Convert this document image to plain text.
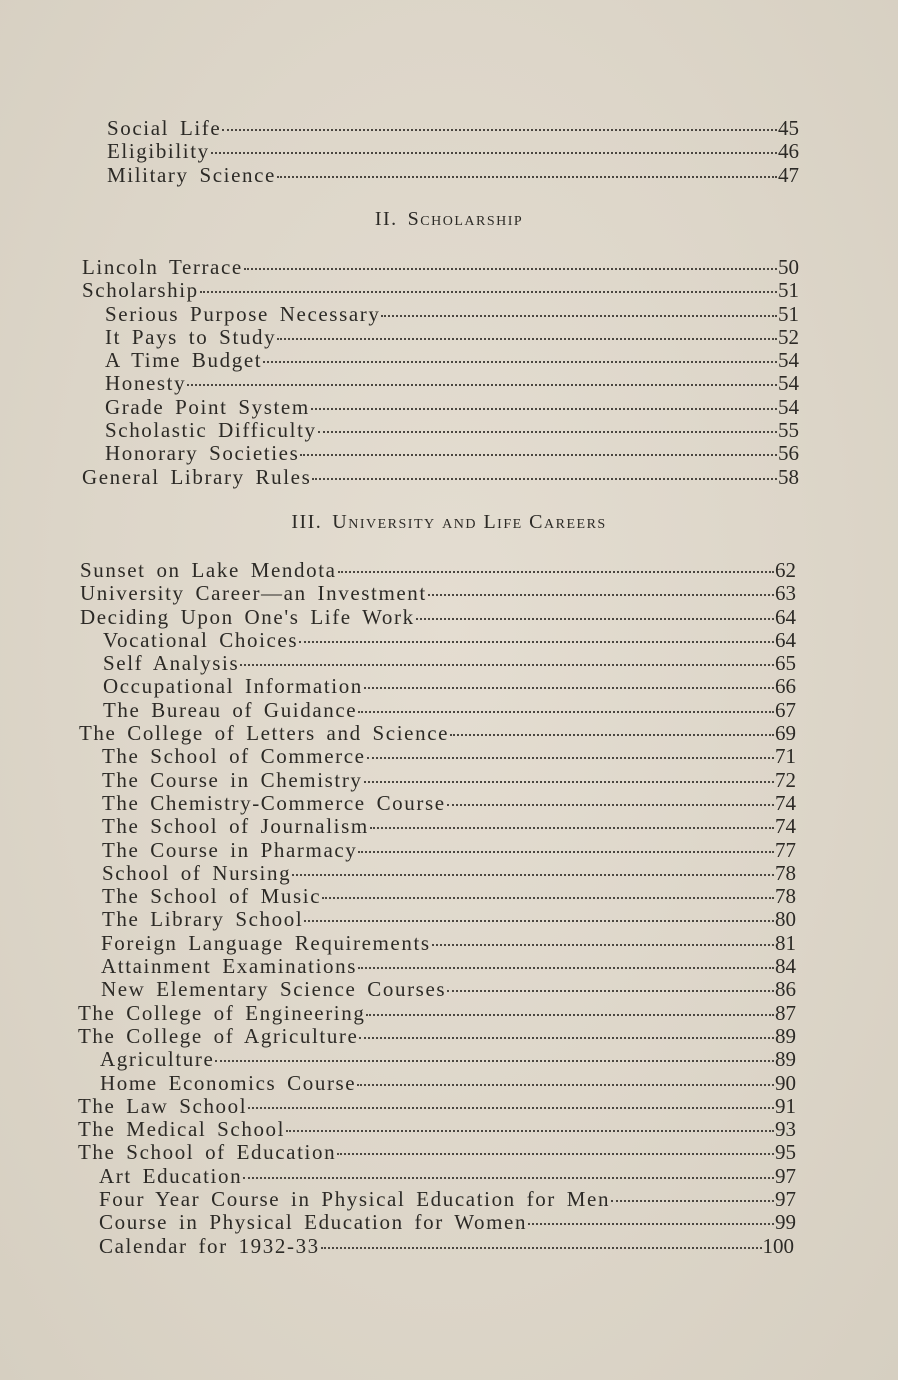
Social Life	45
Eligibility	46
Military Science	47
II. Scholarship
Lincoln Terrace	50
Scholarship	51
Serious Purpose Necessary	51
It Pays to Study	52
A Time Budget	54
Honesty	54
Grade Point System	54
Scholastic Difficulty	55
Honorary Societies	56
General Library Rules	58
III. University and Life Careers
Sunset on Lake Mendota	62
University Career—an Investment	63
Deciding Upon One's Life Work	64
Vocational Choices	64
Self Analysis	65
Occupational Information	66
The Bureau of Guidance	67
The College of Letters and Science	69
The School of Commerce	71
The Course in Chemistry	72
The Chemistry-Commerce Course	74
The School of Journalism	74
The Course in Pharmacy	77
School of Nursing	78
The School of Music	78
The Library School	80
Foreign Language Requirements	81
Attainment Examinations	84
New Elementary Science Courses	86
The College of Engineering	87
The College of Agriculture	89
Agriculture	89
Home Economics Course	90
The Law School	91
The Medical School	93
The School of Education	95
Art Education	97
Four Year Course in Physical Education for Men	97
Course in Physical Education for Women	99
Calendar for 1932-33	100
